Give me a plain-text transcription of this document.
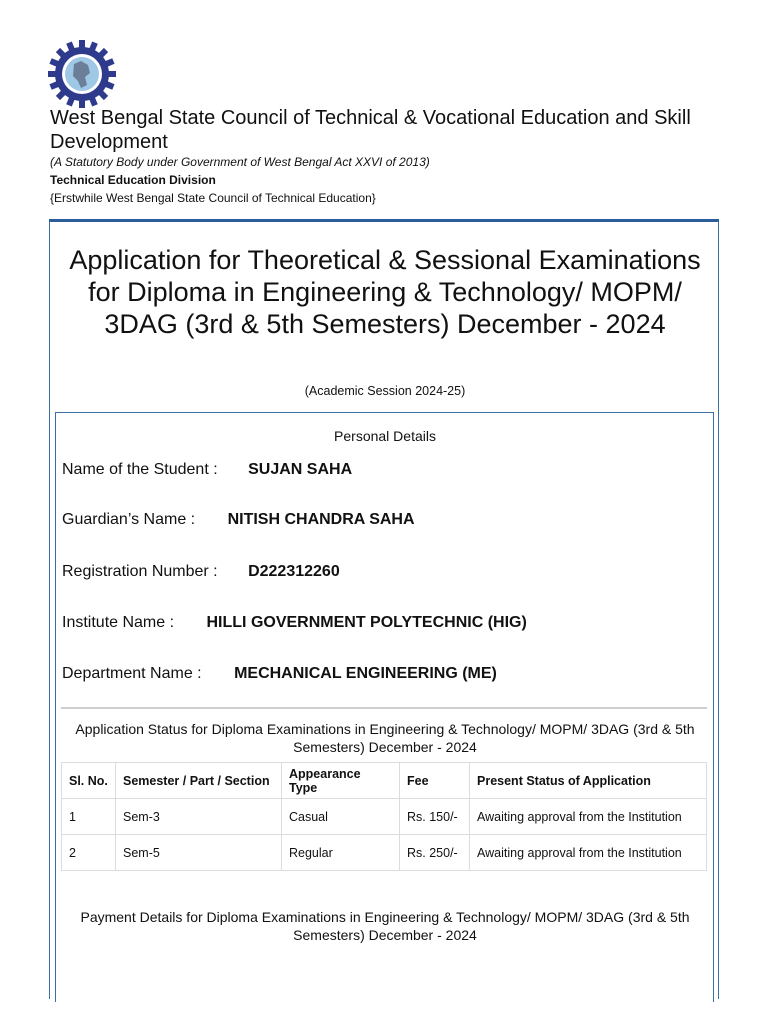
West Bengal State Council of Technical & Vocational Education and Skill Development
(A Statutory Body under Government of West Bengal Act XXVI of 2013)
Technical Education Division
{Erstwhile West Bengal State Council of Technical Education}
Application for Theoretical & Sessional Examinations for Diploma in Engineering & Technology/ MOPM/ 3DAG (3rd & 5th Semesters) December - 2024
(Academic Session 2024-25)
Personal Details
Name of the Student : SUJAN SAHA
Guardian’s Name : NITISH CHANDRA SAHA
Registration Number : D222312260
Institute Name : HILLI GOVERNMENT POLYTECHNIC (HIG)
Department Name : MECHANICAL ENGINEERING (ME)
Application Status for Diploma Examinations in Engineering & Technology/ MOPM/ 3DAG (3rd & 5th Semesters) December - 2024
Sl. No.	Semester / Part / Section	Appearance Type	Fee	Present Status of Application
1	Sem-3	Casual	Rs. 150/-	Awaiting approval from the Institution
2	Sem-5	Regular	Rs. 250/-	Awaiting approval from the Institution
Payment Details for Diploma Examinations in Engineering & Technology/ MOPM/ 3DAG (3rd & 5th Semesters) December - 2024
